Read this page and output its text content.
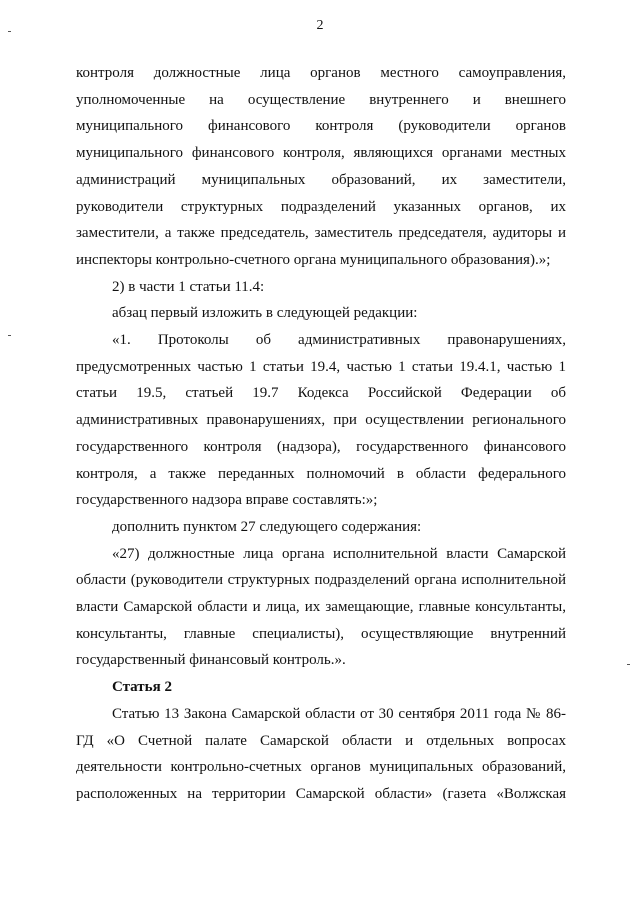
2

контроля должностные лица органов местного самоуправления, уполномоченные на осуществление внутреннего и внешнего муниципального финансового контроля (руководители органов муниципального финансового контроля, являющихся органами местных администраций муниципальных образований, их заместители, руководители структурных подразделений указанных органов, их заместители, а также председатель, заместитель председателя, аудиторы и инспекторы контрольно-счетного органа муниципального образования).»;

2) в части 1 статьи 11.4:

абзац первый изложить в следующей редакции:

«1. Протоколы об административных правонарушениях, предусмотренных частью 1 статьи 19.4, частью 1 статьи 19.4.1, частью 1 статьи 19.5, статьей 19.7 Кодекса Российской Федерации об административных правонарушениях, при осуществлении регионального государственного контроля (надзора), государственного финансового контроля, а также переданных полномочий в области федерального государственного надзора вправе составлять:»;

дополнить пунктом 27 следующего содержания:

«27) должностные лица органа исполнительной власти Самарской области (руководители структурных подразделений органа исполнительной власти Самарской области и лица, их замещающие, главные консультанты, консультанты, главные специалисты), осуществляющие внутренний государственный финансовый контроль.».

Статья 2

Статью 13 Закона Самарской области от 30 сентября 2011 года № 86-ГД «О Счетной палате Самарской области и отдельных вопросах деятельности контрольно-счетных органов муниципальных образований, расположенных на территории Самарской области» (газета «Волжская
